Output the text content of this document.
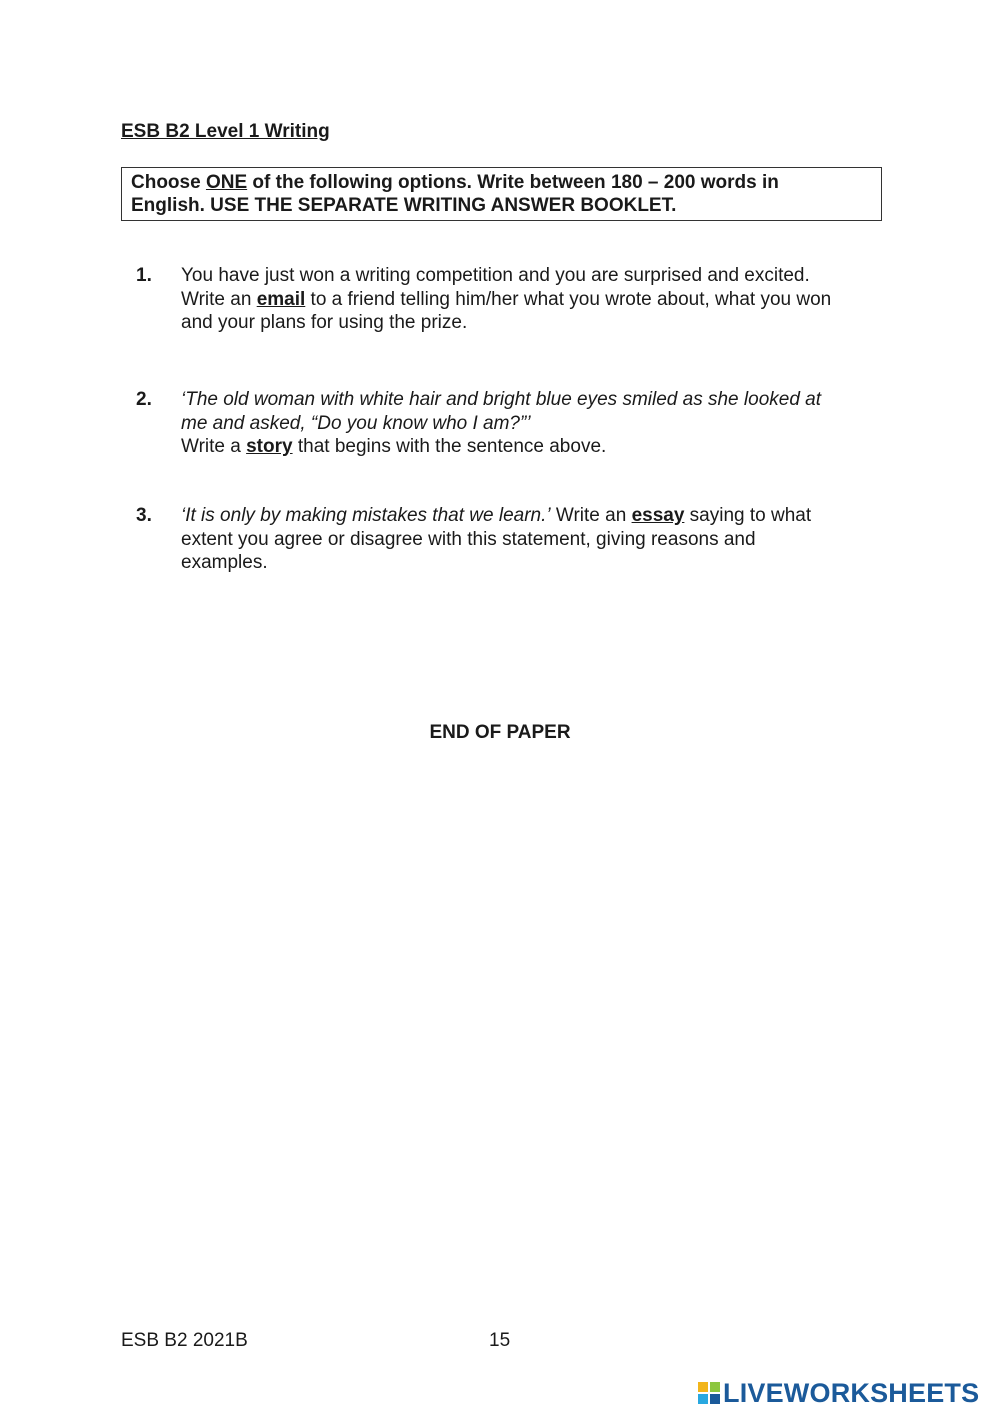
ESB B2 Level 1 Writing
Choose ONE of the following options. Write between 180 – 200 words in
English. USE THE SEPARATE WRITING ANSWER BOOKLET.
1. You have just won a writing competition and you are surprised and excited.
Write an email to a friend telling him/her what you wrote about, what you won
and your plans for using the prize.
2. ‘The old woman with white hair and bright blue eyes smiled as she looked at
me and asked, “Do you know who I am?”’
Write a story that begins with the sentence above.
3. ‘It is only by making mistakes that we learn.’ Write an essay saying to what
extent you agree or disagree with this statement, giving reasons and
examples.
END OF PAPER
ESB B2 2021B	15
LIVEWORKSHEETS
